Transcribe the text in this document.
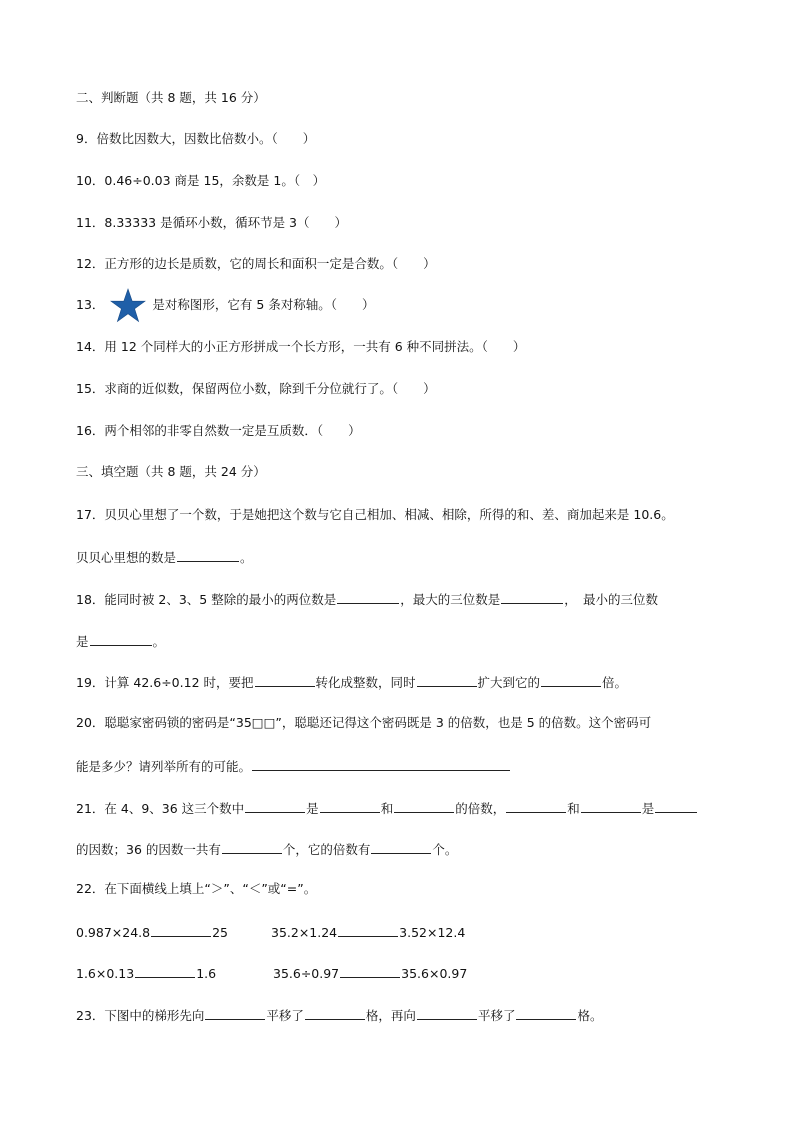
二、判断题（共 8 题，共 16 分）
9．倍数比因数大，因数比倍数小。（　　）
10．0.46÷0.03 商是 15，余数是 1。（　）
11．8.33333 是循环小数，循环节是 3（　　）
12．正方形的边长是质数，它的周长和面积一定是合数。（　　）
13．	是对称图形，它有 5 条对称轴。（　　）
14．用 12 个同样大的小正方形拼成一个长方形，一共有 6 种不同拼法。（　　）
15．求商的近似数，保留两位小数，除到千分位就行了。（　　）
16．两个相邻的非零自然数一定是互质数．（　　）
三、填空题（共 8 题，共 24 分）
17．贝贝心里想了一个数，于是她把这个数与它自己相加、相减、相除，所得的和、差、商加起来是 10.6。
贝贝心里想的数是	。
18．能同时被 2、3、5 整除的最小的两位数是	，最大的三位数是	，　最小的三位数
是	。
19．计算 42.6÷0.12 时，要把	转化成整数，同时	扩大到它的	倍。
20．聪聪家密码锁的密码是“35□□”，聪聪还记得这个密码既是 3 的倍数，也是 5 的倍数。这个密码可
能是多少？请列举所有的可能。
21．在 4、9、36 这三个数中	是	和	的倍数，	和	是
的因数；36 的因数一共有	个，它的倍数有	个。
22．在下面横线上填上“＞”、“＜”或“=”。
0.987×24.8	25	35.2×1.24	3.52×12.4
1.6×0.13	1.6	35.6÷0.97	35.6×0.97
23．下图中的梯形先向	平移了	格，再向	平移了	格。
